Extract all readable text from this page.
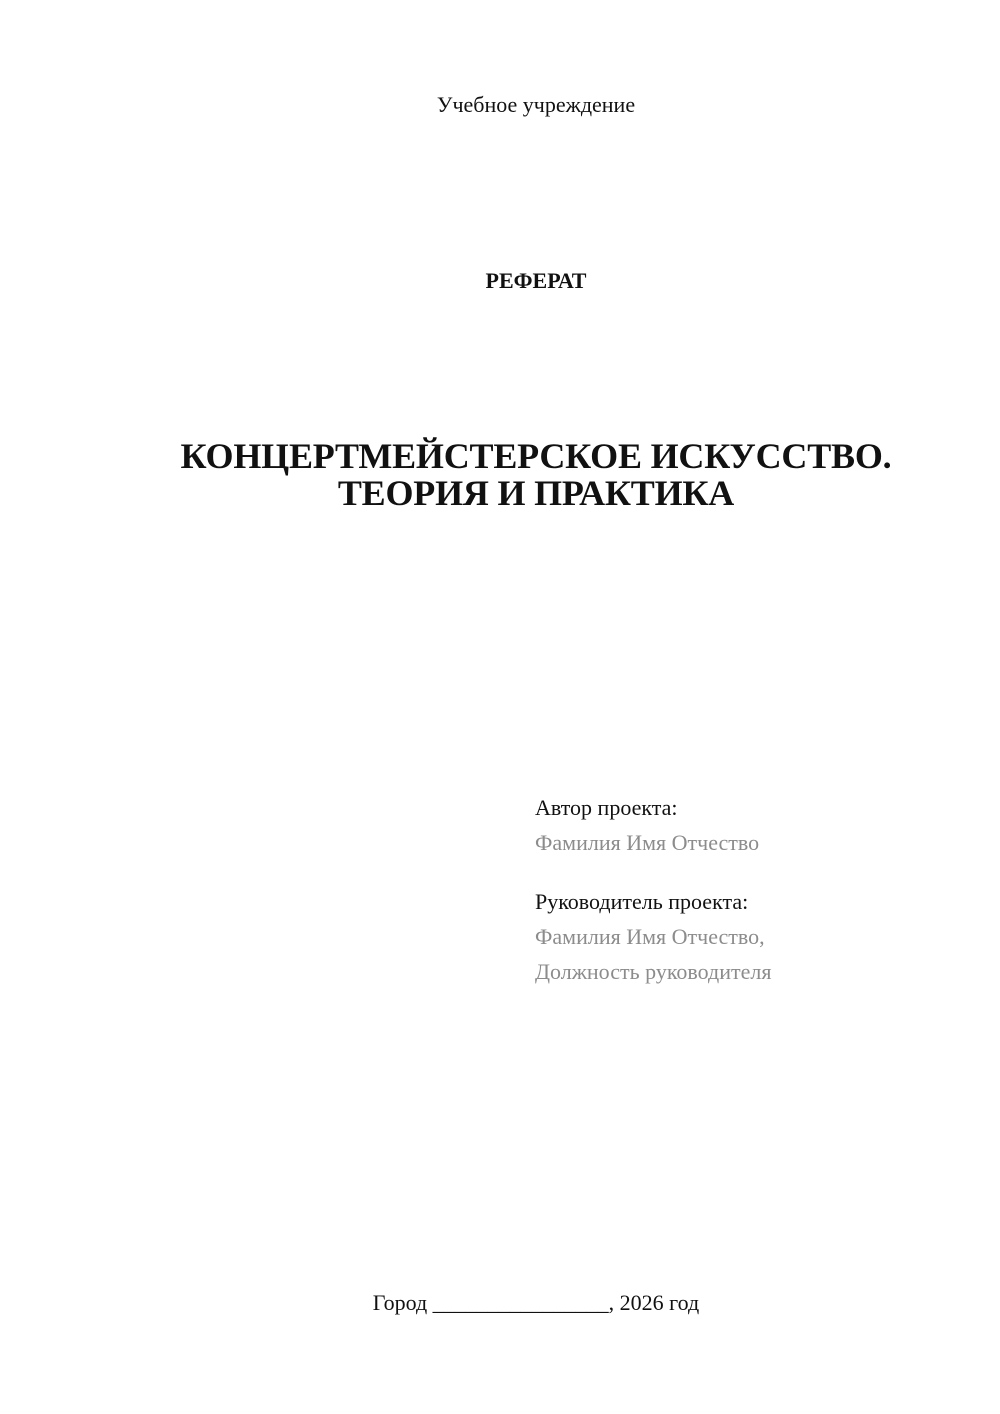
Учебное учреждение
РЕФЕРАТ
КОНЦЕРТМЕЙСТЕРСКОЕ ИСКУССТВО.
ТЕОРИЯ И ПРАКТИКА
Автор проекта:
Фамилия Имя Отчество
Руководитель проекта:
Фамилия Имя Отчество,
Должность руководителя
Город ________________, 2026 год
